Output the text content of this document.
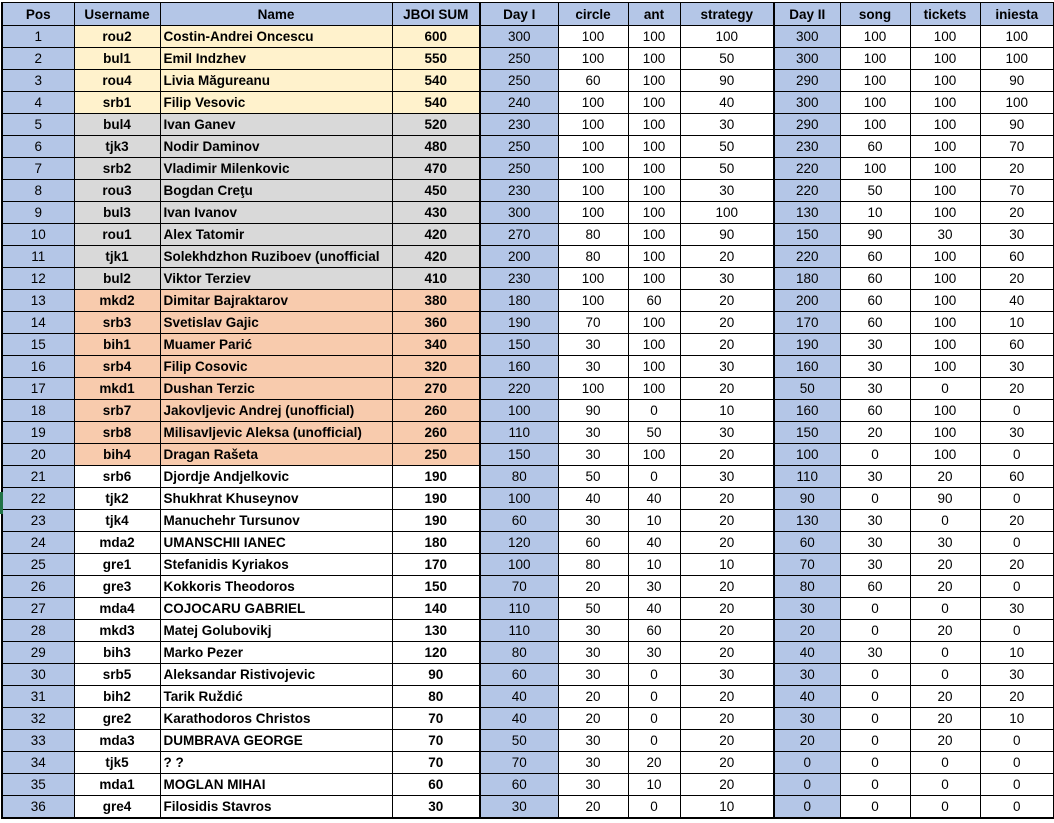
Pos	Username	Name	JBOI SUM	Day I	circle	ant	strategy	Day II	song	tickets	iniesta
1	rou2	Costin-Andrei Oncescu	600	300	100	100	100	300	100	100	100
2	bul1	Emil Indzhev	550	250	100	100	50	300	100	100	100
3	rou4	Livia Măgureanu	540	250	60	100	90	290	100	100	90
4	srb1	Filip Vesovic	540	240	100	100	40	300	100	100	100
5	bul4	Ivan Ganev	520	230	100	100	30	290	100	100	90
6	tjk3	Nodir Daminov	480	250	100	100	50	230	60	100	70
7	srb2	Vladimir Milenkovic	470	250	100	100	50	220	100	100	20
8	rou3	Bogdan Creţu	450	230	100	100	30	220	50	100	70
9	bul3	Ivan Ivanov	430	300	100	100	100	130	10	100	20
10	rou1	Alex Tatomir	420	270	80	100	90	150	90	30	30
11	tjk1	Solekhdzhon Ruziboev (unofficial	420	200	80	100	20	220	60	100	60
12	bul2	Viktor Terziev	410	230	100	100	30	180	60	100	20
13	mkd2	Dimitar Bajraktarov	380	180	100	60	20	200	60	100	40
14	srb3	Svetislav Gajic	360	190	70	100	20	170	60	100	10
15	bih1	Muamer Parić	340	150	30	100	20	190	30	100	60
16	srb4	Filip Cosovic	320	160	30	100	30	160	30	100	30
17	mkd1	Dushan Terzic	270	220	100	100	20	50	30	0	20
18	srb7	Jakovljevic Andrej (unofficial)	260	100	90	0	10	160	60	100	0
19	srb8	Milisavljevic Aleksa (unofficial)	260	110	30	50	30	150	20	100	30
20	bih4	Dragan Rašeta	250	150	30	100	20	100	0	100	0
21	srb6	Djordje Andjelkovic	190	80	50	0	30	110	30	20	60
22	tjk2	Shukhrat Khuseynov	190	100	40	40	20	90	0	90	0
23	tjk4	Manuchehr Tursunov	190	60	30	10	20	130	30	0	20
24	mda2	UMANSCHII IANEC	180	120	60	40	20	60	30	30	0
25	gre1	Stefanidis Kyriakos	170	100	80	10	10	70	30	20	20
26	gre3	Kokkoris Theodoros	150	70	20	30	20	80	60	20	0
27	mda4	COJOCARU GABRIEL	140	110	50	40	20	30	0	0	30
28	mkd3	Matej Golubovikj	130	110	30	60	20	20	0	20	0
29	bih3	Marko Pezer	120	80	30	30	20	40	30	0	10
30	srb5	Aleksandar Ristivojevic	90	60	30	0	30	30	0	0	30
31	bih2	Tarik Ruždić	80	40	20	0	20	40	0	20	20
32	gre2	Karathodoros Christos	70	40	20	0	20	30	0	20	10
33	mda3	DUMBRAVA GEORGE	70	50	30	0	20	20	0	20	0
34	tjk5	? ?	70	70	30	20	20	0	0	0	0
35	mda1	MOGLAN MIHAI	60	60	30	10	20	0	0	0	0
36	gre4	Filosidis Stavros	30	30	20	0	10	0	0	0	0
